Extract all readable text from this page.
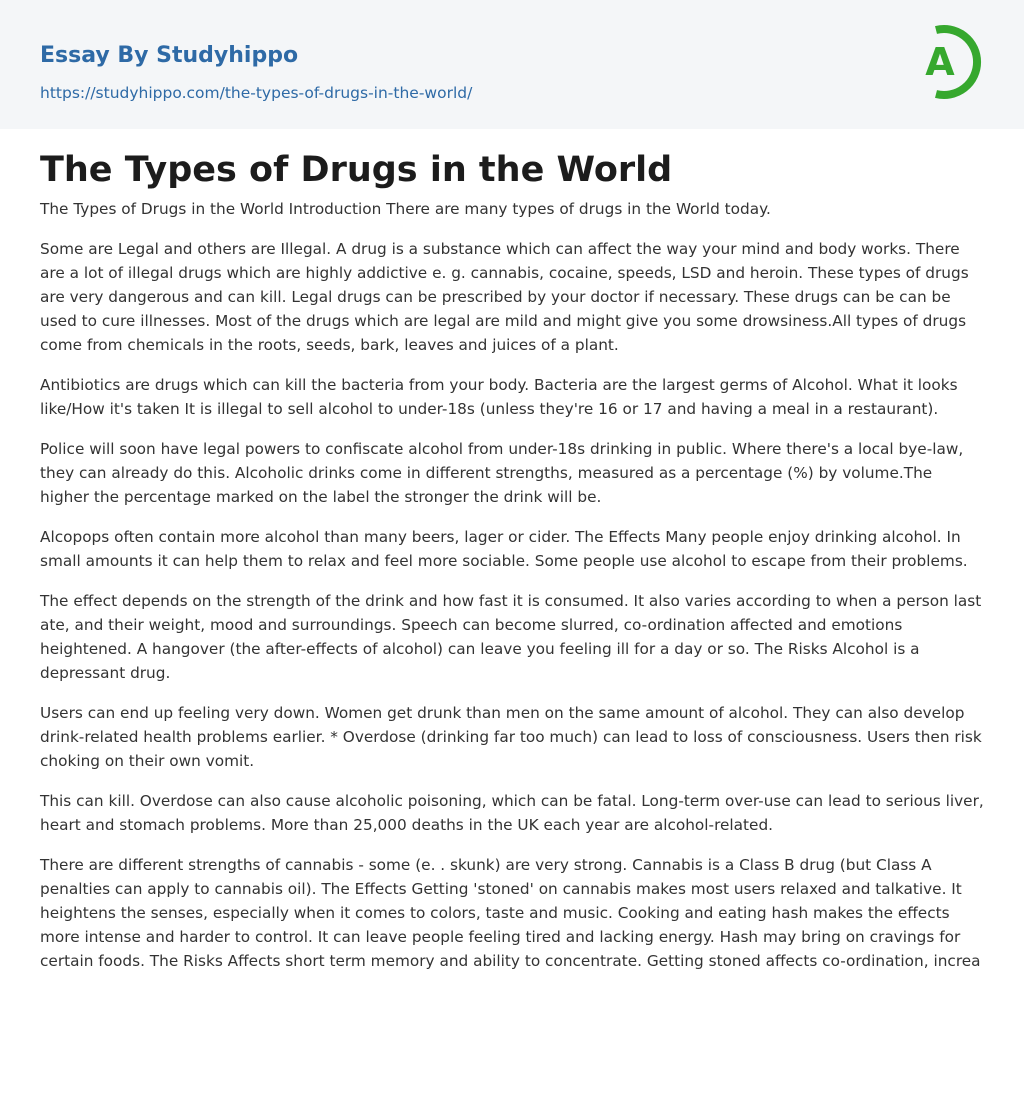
Essay By Studyhippo
https://studyhippo.com/the-types-of-drugs-in-the-world/
A
The Types of Drugs in the World

The Types of Drugs in the World Introduction There are many types of drugs in the World today.

Some are Legal and others are Illegal. A drug is a substance which can affect the way your mind and body works. There are a lot of illegal drugs which are highly addictive e. g. cannabis, cocaine, speeds, LSD and heroin. These types of drugs are very dangerous and can kill. Legal drugs can be prescribed by your doctor if necessary. These drugs can be can be used to cure illnesses. Most of the drugs which are legal are mild and might give you some drowsiness.All types of drugs come from chemicals in the roots, seeds, bark, leaves and juices of a plant.

Antibiotics are drugs which can kill the bacteria from your body. Bacteria are the largest germs of Alcohol. What it looks like/How it's taken It is illegal to sell alcohol to under-18s (unless they're 16 or 17 and having a meal in a restaurant).

Police will soon have legal powers to confiscate alcohol from under-18s drinking in public. Where there's a local bye-law, they can already do this. Alcoholic drinks come in different strengths, measured as a percentage (%) by volume.The higher the percentage marked on the label the stronger the drink will be.

Alcopops often contain more alcohol than many beers, lager or cider. The Effects Many people enjoy drinking alcohol. In small amounts it can help them to relax and feel more sociable. Some people use alcohol to escape from their problems.

The effect depends on the strength of the drink and how fast it is consumed. It also varies according to when a person last ate, and their weight, mood and surroundings. Speech can become slurred, co-ordination affected and emotions heightened. A hangover (the after-effects of alcohol) can leave you feeling ill for a day or so. The Risks Alcohol is a depressant drug.

Users can end up feeling very down. Women get drunk than men on the same amount of alcohol. They can also develop drink-related health problems earlier. * Overdose (drinking far too much) can lead to loss of consciousness. Users then risk choking on their own vomit.

This can kill. Overdose can also cause alcoholic poisoning, which can be fatal. Long-term over-use can lead to serious liver, heart and stomach problems. More than 25,000 deaths in the UK each year are alcohol-related.

There are different strengths of cannabis - some (e. . skunk) are very strong. Cannabis is a Class B drug (but Class A penalties can apply to cannabis oil). The Effects Getting 'stoned' on cannabis makes most users relaxed and talkative. It heightens the senses, especially when it comes to colors, taste and music. Cooking and eating hash makes the effects more intense and harder to control. It can leave people feeling tired and lacking energy. Hash may bring on cravings for certain foods. The Risks Affects short term memory and ability to concentrate. Getting stoned affects co-ordination, increa
